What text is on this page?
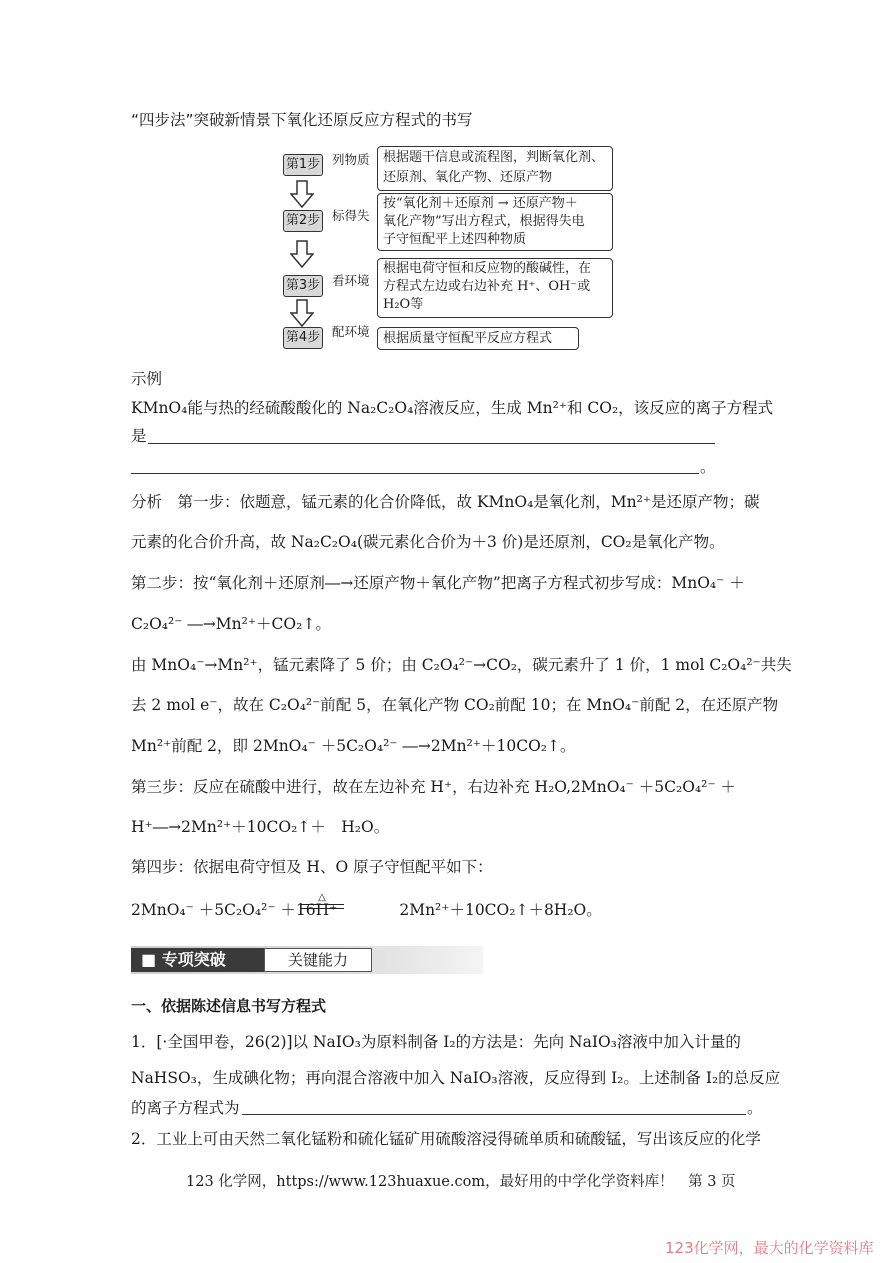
“四步法”突破新情景下氧化还原反应方程式的书写
第1步 列物质 根据题干信息或流程图，判断氧化剂、
还原剂、氧化产物、还原产物
第2步 标得失
按“氧化剂＋还原剂 → 还原产物＋
氧化产物”写出方程式，根据得失电
子守恒配平上述四种物质
第3步 看环境
根据电荷守恒和反应物的酸碱性，在
方程式左边或右边补充 H⁺、OH⁻或
H₂O等
第4步 配环境 根据质量守恒配平反应方程式
示例
KMnO₄能与热的经硫酸酸化的 Na₂C₂O₄溶液反应，生成 Mn²⁺和 CO₂，该反应的离子方程式
是
。
分析　第一步：依题意，锰元素的化合价降低，故 KMnO₄是氧化剂，Mn²⁺是还原产物；碳
元素的化合价升高，故 Na₂C₂O₄(碳元素化合价为＋3 价)是还原剂，CO₂是氧化产物。
第二步：按“氧化剂＋还原剂―→还原产物＋氧化产物”把离子方程式初步写成：MnO₄⁻ ＋
C₂O₄²⁻ ―→Mn²⁺＋CO₂↑。
由 MnO₄⁻→Mn²⁺，锰元素降了 5 价；由 C₂O₄²⁻→CO₂，碳元素升了 1 价，1 mol C₂O₄²⁻共失
去 2 mol e⁻，故在 C₂O₄²⁻前配 5，在氧化产物 CO₂前配 10；在 MnO₄⁻前配 2，在还原产物
Mn²⁺前配 2，即 2MnO₄⁻ ＋5C₂O₄²⁻ ―→2Mn²⁺＋10CO₂↑。
第三步：反应在硫酸中进行，故在左边补充 H⁺，右边补充 H₂O,2MnO₄⁻ ＋5C₂O₄²⁻ ＋
H⁺―→2Mn²⁺＋10CO₂↑＋　H₂O。
第四步：依据电荷守恒及 H、O 原子守恒配平如下：
2MnO₄⁻ ＋5C₂O₄²⁻ ＋16H⁺　　　　2Mn²⁺＋10CO₂↑＋8H₂O。
△
■ 专项突破	关键能力
一、依据陈述信息书写方程式
1．[·全国甲卷，26(2)]以 NaIO₃为原料制备 I₂的方法是：先向 NaIO₃溶液中加入计量的
NaHSO₃，生成碘化物；再向混合溶液中加入 NaIO₃溶液，反应得到 I₂。上述制备 I₂的总反应
的离子方程式为	。
2．工业上可由天然二氧化锰粉和硫化锰矿用硫酸溶浸得硫单质和硫酸锰，写出该反应的化学
123 化学网，https://www.123huaxue.com，最好用的中学化学资料库！　第 3 页
123化学网，最大的化学资料库
